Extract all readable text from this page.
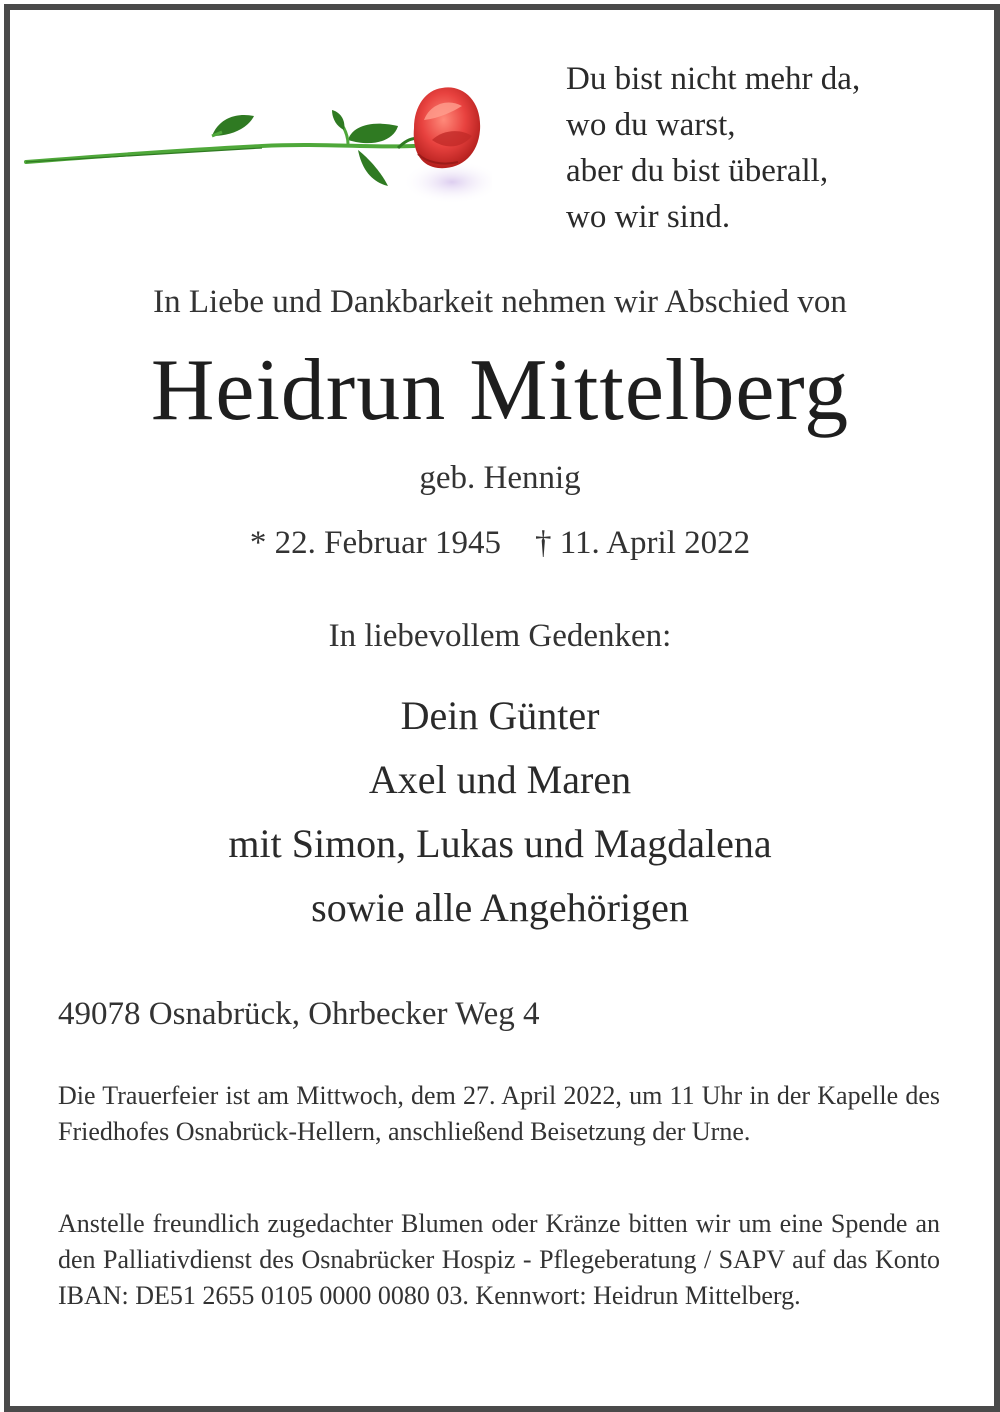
Du bist nicht mehr da,
wo du warst,
aber du bist überall,
wo wir sind.
In Liebe und Dankbarkeit nehmen wir Abschied von
Heidrun Mittelberg
geb. Hennig
* 22. Februar 1945 † 11. April 2022
In liebevollem Gedenken:
Dein Günter
Axel und Maren
mit Simon, Lukas und Magdalena
sowie alle Angehörigen
49078 Osnabrück, Ohrbecker Weg 4
Die Trauerfeier ist am Mittwoch, dem 27. April 2022, um 11 Uhr in der Kapelle des Friedhofes Osnabrück-Hellern, anschließend Beisetzung der Urne.
Anstelle freundlich zugedachter Blumen oder Kränze bitten wir um eine Spende an den Palliativdienst des Osnabrücker Hospiz - Pflegeberatung / SAPV auf das Konto IBAN: DE51 2655 0105 0000 0080 03. Kennwort: Heidrun Mittelberg.
